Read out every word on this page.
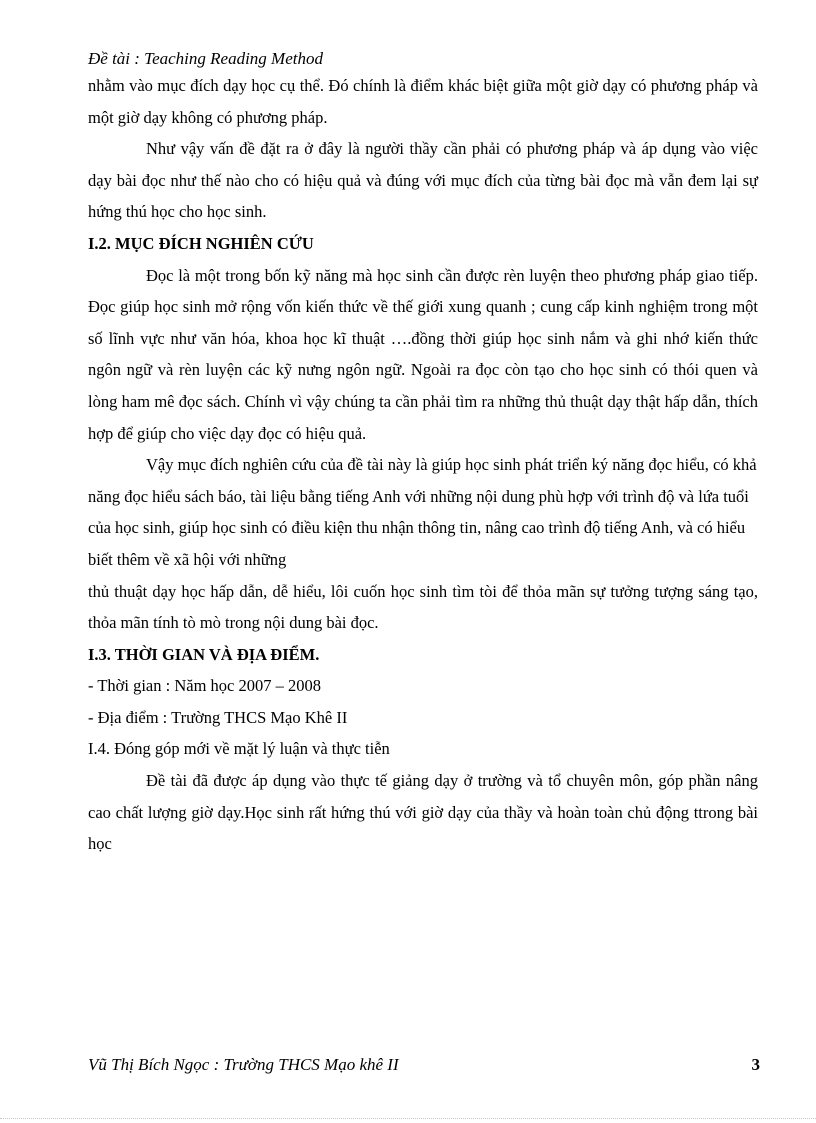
Đề tài : Teaching Reading Method

nhằm vào mục đích dạy học cụ thể. Đó chính là điểm khác biệt giữa một giờ dạy có phương pháp và một giờ dạy không có phương pháp.

Như vậy vấn đề đặt ra ở đây là người thầy cần phải có phương pháp và áp dụng vào việc dạy bài đọc như thế nào cho có hiệu quả và đúng với mục đích của từng bài đọc mà vẫn đem lại sự hứng thú học cho học sinh.

I.2. MỤC ĐÍCH NGHIÊN CỨU

Đọc là một trong bốn kỹ năng mà học sinh cần được rèn luyện theo phương pháp giao tiếp. Đọc giúp học sinh mở rộng vốn kiến thức về thế giới xung quanh ; cung cấp kinh nghiệm trong một số lĩnh vực như văn hóa, khoa học kĩ thuật ….đồng thời giúp học sinh nắm và ghi nhớ kiến thức ngôn ngữ và rèn luyện các kỹ nưng ngôn ngữ. Ngoài ra đọc còn tạo cho học sinh có thói quen và lòng ham mê đọc sách. Chính vì vậy chúng ta cần phải tìm ra những thủ thuật dạy thật hấp dẫn, thích hợp để giúp cho việc dạy đọc có hiệu quả.

Vậy mục đích nghiên cứu của đề tài này là giúp học sinh phát triển ký năng đọc hiểu, có khả năng đọc hiểu sách báo, tài liệu bằng tiếng Anh với những nội dung phù hợp với trình độ và lứa tuổi của học sinh, giúp học sinh có điều kiện thu nhận thông tin, nâng cao trình độ tiếng Anh, và có hiểu biết thêm về xã hội với những

thủ thuật dạy học hấp dẫn, dễ hiểu, lôi cuốn học sinh tìm tòi để thỏa mãn sự tưởng tượng sáng tạo, thỏa mãn tính tò mò trong nội dung bài đọc.

I.3. THỜI GIAN VÀ ĐỊA ĐIỂM.

- Thời gian : Năm học 2007 – 2008

- Địa điểm : Trường THCS Mạo Khê II

I.4. Đóng góp mới về mặt lý luận và thực tiễn

Đề tài đã được áp dụng vào thực tế giảng dạy ở trường và tổ chuyên môn, góp phần nâng cao chất lượng giờ dạy.Học sinh rất hứng thú với giờ dạy của thầy và hoàn toàn chủ động ttrong bài học

Vũ Thị Bích Ngọc : Trường THCS Mạo khê II	3
